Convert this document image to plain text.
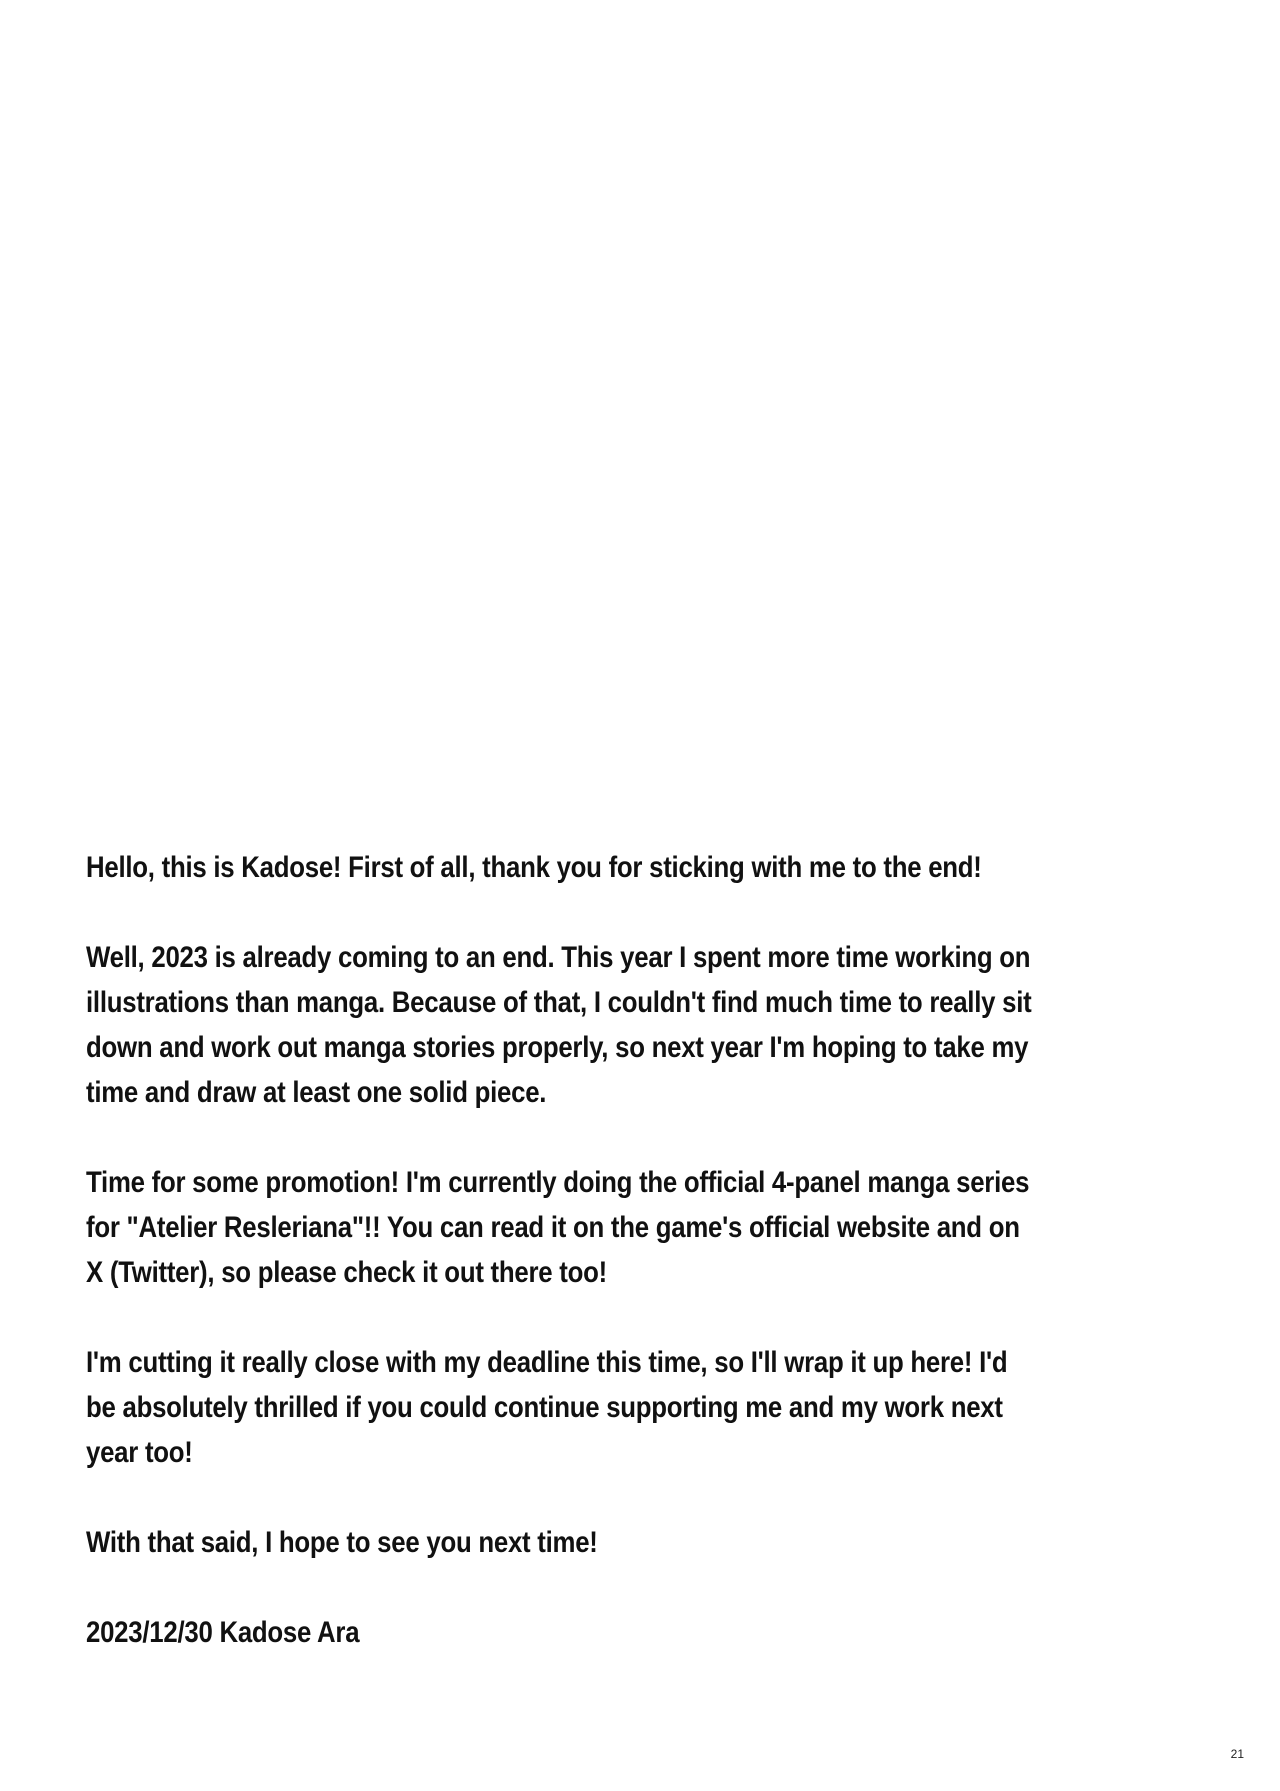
Hello, this is Kadose! First of all, thank you for sticking with me to the end!

Well, 2023 is already coming to an end. This year I spent more time working on
illustrations than manga. Because of that, I couldn't find much time to really sit
down and work out manga stories properly, so next year I'm hoping to take my
time and draw at least one solid piece.

Time for some promotion! I'm currently doing the official 4-panel manga series
for "Atelier Resleriana"!! You can read it on the game's official website and on
X (Twitter), so please check it out there too!

I'm cutting it really close with my deadline this time, so I'll wrap it up here! I'd
be absolutely thrilled if you could continue supporting me and my work next
year too!

With that said, I hope to see you next time!

2023/12/30 Kadose Ara

21
